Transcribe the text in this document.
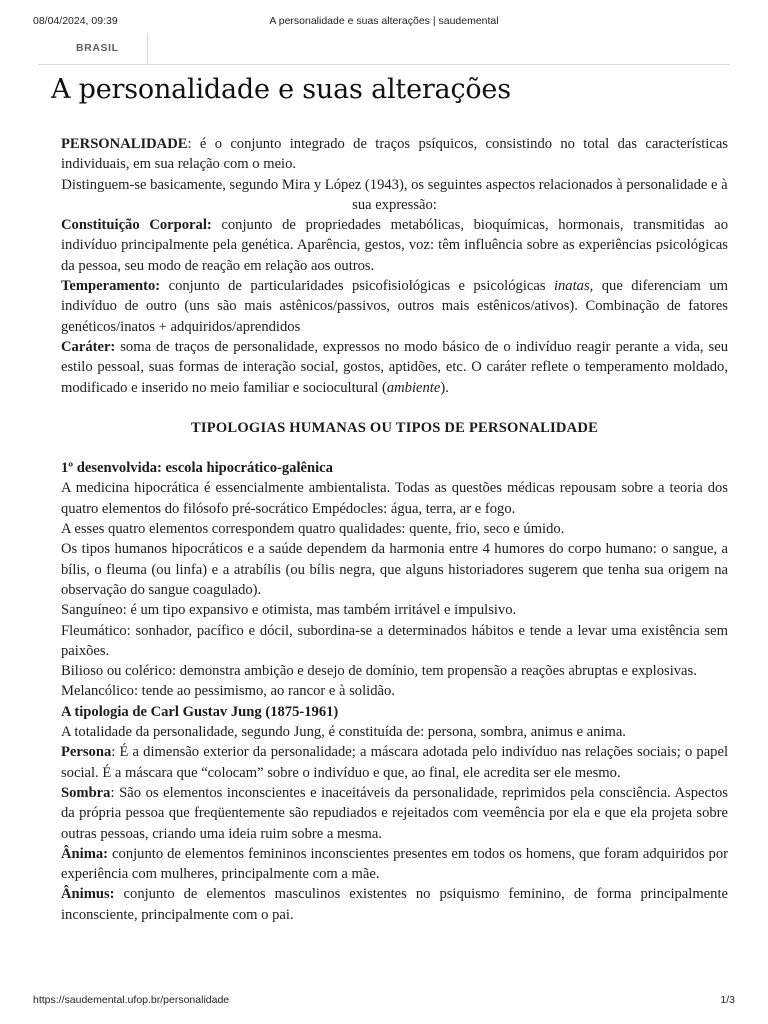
08/04/2024, 09:39	A personalidade e suas alterações | saudemental
BRASIL
A personalidade e suas alterações

PERSONALIDADE: é o conjunto integrado de traços psíquicos, consistindo no total das características individuais, em sua relação com o meio.

Distinguem-se basicamente, segundo Mira y López (1943), os seguintes aspectos relacionados à personalidade e à sua expressão:

Constituição Corporal: conjunto de propriedades metabólicas, bioquímicas, hormonais, transmitidas ao indivíduo principalmente pela genética. Aparência, gestos, voz: têm influência sobre as experiências psicológicas da pessoa, seu modo de reação em relação aos outros.

Temperamento: conjunto de particularidades psicofisiológicas e psicológicas inatas, que diferenciam um indivíduo de outro (uns são mais astênicos/passivos, outros mais estênicos/ativos). Combinação de fatores genéticos/inatos + adquiridos/aprendidos

Caráter: soma de traços de personalidade, expressos no modo básico de o indivíduo reagir perante a vida, seu estilo pessoal, suas formas de interação social, gostos, aptidões, etc. O caráter reflete o temperamento moldado, modificado e inserido no meio familiar e sociocultural (ambiente).

TIPOLOGIAS HUMANAS OU TIPOS DE PERSONALIDADE
1º desenvolvida: escola hipocrático-galênica

A medicina hipocrática é essencialmente ambientalista. Todas as questões médicas repousam sobre a teoria dos quatro elementos do filósofo pré-socrático Empédocles: água, terra, ar e fogo.

A esses quatro elementos correspondem quatro qualidades: quente, frio, seco e úmido.

Os tipos humanos hipocráticos e a saúde dependem da harmonia entre 4 humores do corpo humano: o sangue, a bílis, o fleuma (ou linfa) e a atrabílis (ou bílis negra, que alguns historiadores sugerem que tenha sua origem na observação do sangue coagulado).

Sanguíneo: é um tipo expansivo e otimista, mas também irritável e impulsivo.

Fleumático: sonhador, pacífico e dócil, subordina-se a determinados hábitos e tende a levar uma existência sem paixões.

Bilioso ou colérico: demonstra ambição e desejo de domínio, tem propensão a reações abruptas e explosivas.

Melancólico: tende ao pessimismo, ao rancor e à solidão.

A tipologia de Carl Gustav Jung (1875-1961)

A totalidade da personalidade, segundo Jung, é constituída de: persona, sombra, animus e anima.

Persona: É a dimensão exterior da personalidade; a máscara adotada pelo indivíduo nas relações sociais; o papel social. É a máscara que “colocam” sobre o indivíduo e que, ao final, ele acredita ser ele mesmo.

Sombra: São os elementos inconscientes e inaceitáveis da personalidade, reprimidos pela consciência. Aspectos da própria pessoa que freqüentemente são repudiados e rejeitados com veemência por ela e que ela projeta sobre outras pessoas, criando uma ideia ruim sobre a mesma.

Ânima: conjunto de elementos femininos inconscientes presentes em todos os homens, que foram adquiridos por experiência com mulheres, principalmente com a mãe.

Ânimus: conjunto de elementos masculinos existentes no psiquismo feminino, de forma principalmente inconsciente, principalmente com o pai.

https://saudemental.ufop.br/personalidade	1/3
